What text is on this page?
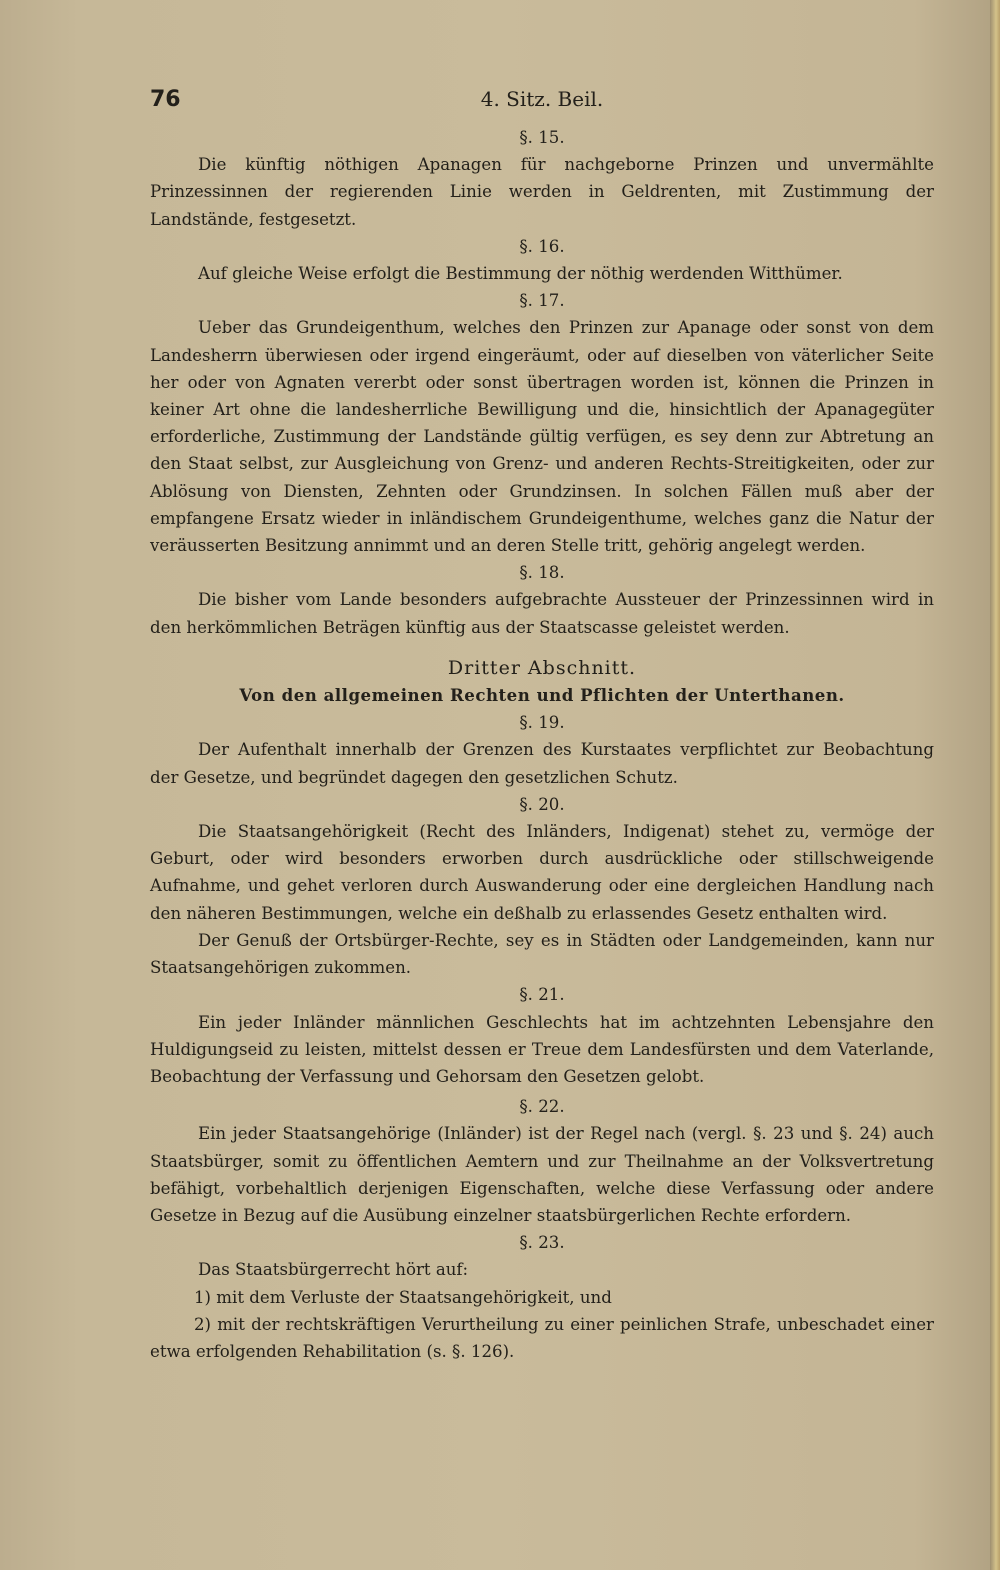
76	4. Sitz. Beil.
§. 15.

Die künftig nöthigen Apanagen für nachgeborne Prinzen und unvermählte Prinzessinnen der regierenden Linie werden in Geldrenten, mit Zustimmung der Landstände, festgesetzt.

§. 16.

Auf gleiche Weise erfolgt die Bestimmung der nöthig werdenden Witthümer.

§. 17.

Ueber das Grundeigenthum, welches den Prinzen zur Apanage oder sonst von dem Landesherrn überwiesen oder irgend eingeräumt, oder auf dieselben von väterlicher Seite her oder von Agnaten vererbt oder sonst übertragen worden ist, können die Prinzen in keiner Art ohne die landesherrliche Bewilligung und die, hinsichtlich der Apanagegüter erforderliche, Zustimmung der Landstände gültig verfügen, es sey denn zur Abtretung an den Staat selbst, zur Ausgleichung von Grenz- und anderen Rechts-Streitigkeiten, oder zur Ablösung von Diensten, Zehnten oder Grundzinsen. In solchen Fällen muß aber der empfangene Ersatz wieder in inländischem Grundeigenthume, welches ganz die Natur der veräusserten Besitzung annimmt und an deren Stelle tritt, gehörig angelegt werden.

§. 18.

Die bisher vom Lande besonders aufgebrachte Aussteuer der Prinzessinnen wird in den herkömmlichen Beträgen künftig aus der Staatscasse geleistet werden.

Dritter Abschnitt.
Von den allgemeinen Rechten und Pflichten der Unterthanen.
§. 19.

Der Aufenthalt innerhalb der Grenzen des Kurstaates verpflichtet zur Beobachtung der Gesetze, und begründet dagegen den gesetzlichen Schutz.

§. 20.

Die Staatsangehörigkeit (Recht des Inländers, Indigenat) stehet zu, vermöge der Geburt, oder wird besonders erworben durch ausdrückliche oder stillschweigende Aufnahme, und gehet verloren durch Auswanderung oder eine dergleichen Handlung nach den näheren Bestimmungen, welche ein deßhalb zu erlassendes Gesetz enthalten wird.

Der Genuß der Ortsbürger-Rechte, sey es in Städten oder Landgemeinden, kann nur Staatsangehörigen zukommen.

§. 21.

Ein jeder Inländer männlichen Geschlechts hat im achtzehnten Lebensjahre den Huldigungseid zu leisten, mittelst dessen er Treue dem Landesfürsten und dem Vaterlande, Beobachtung der Verfassung und Gehorsam den Gesetzen gelobt.

§. 22.

Ein jeder Staatsangehörige (Inländer) ist der Regel nach (vergl. §. 23 und §. 24) auch Staatsbürger, somit zu öffentlichen Aemtern und zur Theilnahme an der Volksvertretung befähigt, vorbehaltlich derjenigen Eigenschaften, welche diese Verfassung oder andere Gesetze in Bezug auf die Ausübung einzelner staatsbürgerlichen Rechte erfordern.

§. 23.

Das Staatsbürgerrecht hört auf:

1) mit dem Verluste der Staatsangehörigkeit, und

2) mit der rechtskräftigen Verurtheilung zu einer peinlichen Strafe, unbeschadet einer etwa erfolgenden Rehabilitation (s. §. 126).
